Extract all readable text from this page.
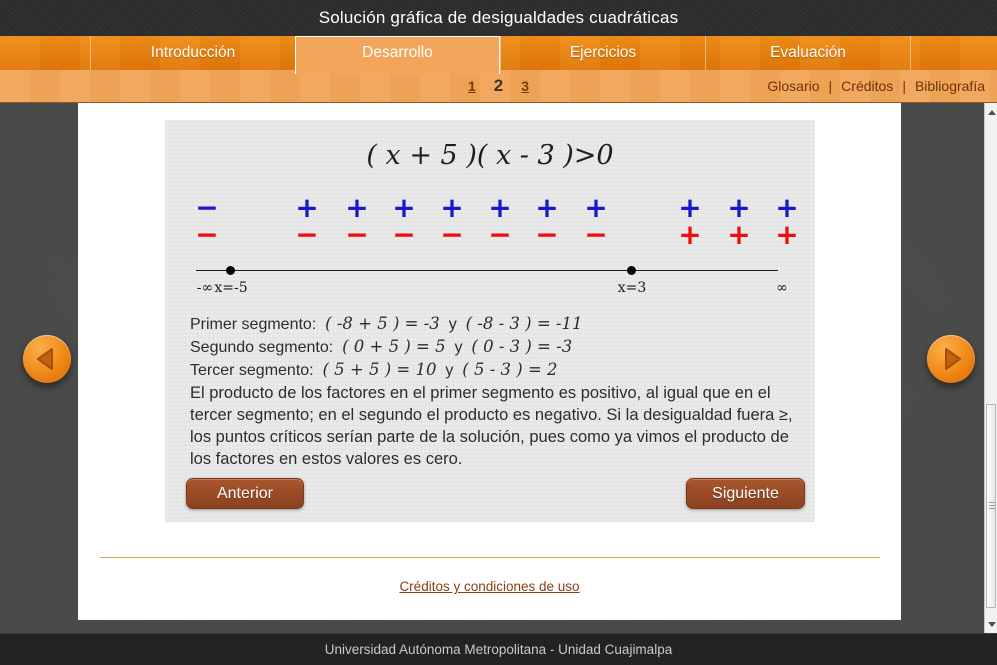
Solución gráfica de desigualdades cuadráticas
Introducción	Desarrollo	Ejercicios	Evaluación
1 2 3	Glosario | Créditos | Bibliografía
( x + 5 )( x - 3 )>0
−	+ + + + + + +	+ + +
−	− − − − − − −	+ + +
-∞ x=-5	x=3	∞
Primer segmento: ( -8 + 5 ) = -3 y ( -8 - 3 ) = -11
Segundo segmento: ( 0 + 5 ) = 5 y ( 0 - 3 ) = -3
Tercer segmento: ( 5 + 5 ) = 10 y ( 5 - 3 ) = 2
El producto de los factores en el primer segmento es positivo, al igual que en el tercer segmento; en el segundo el producto es negativo. Si la desigualdad fuera ≥, los puntos críticos serían parte de la solución, pues como ya vimos el producto de los factores en estos valores es cero.
Anterior	Siguiente
Créditos y condiciones de uso
Universidad Autónoma Metropolitana - Unidad Cuajimalpa
